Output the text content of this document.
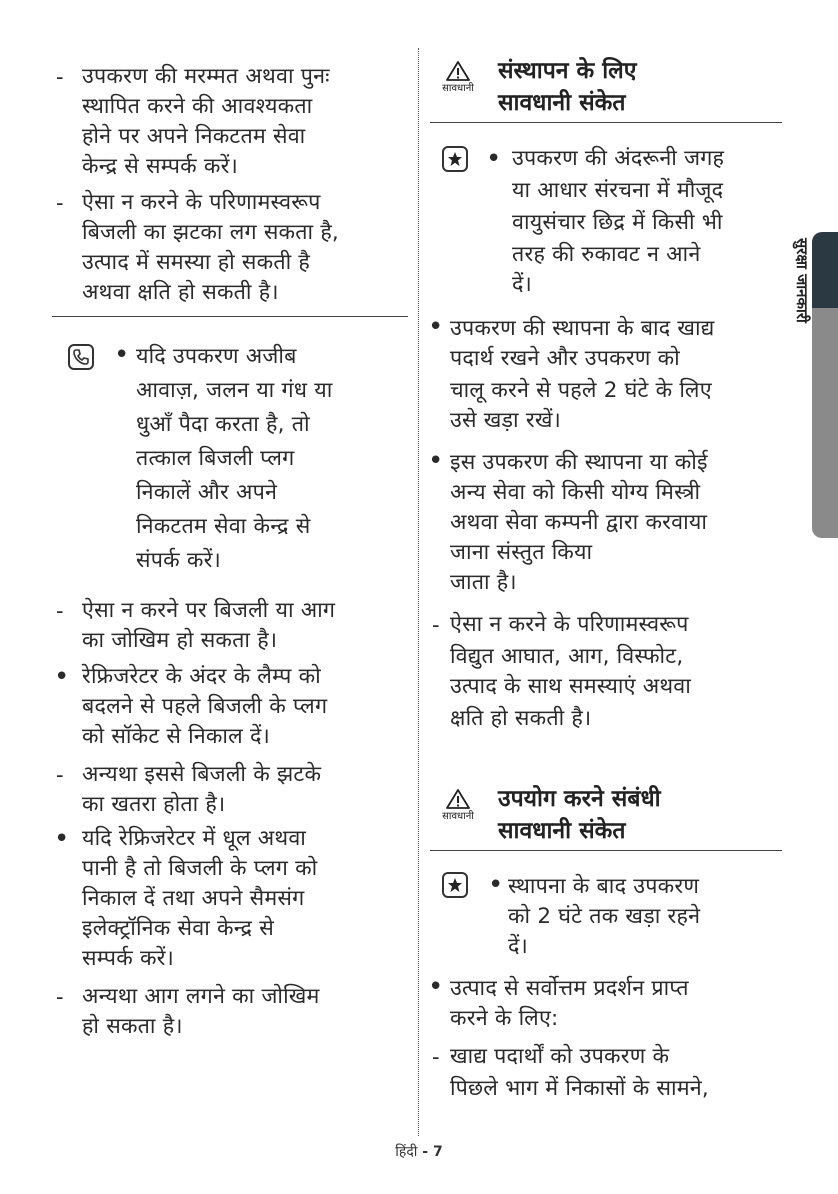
- उपकरण की मरम्मत अथवा पुनः
स्थापित करने की आवश्यकता
होने पर अपने निकटतम सेवा
केन्द्र से सम्पर्क करें।
- ऐसा न करने के परिणामस्वरूप
बिजली का झटका लग सकता है,
उत्पाद में समस्या हो सकती है
अथवा क्षति हो सकती है।
• यदि उपकरण अजीब
आवाज़, जलन या गंध या
धुआँ पैदा करता है, तो
तत्काल बिजली प्लग
निकालें और अपने
निकटतम सेवा केन्द्र से
संपर्क करें।
- ऐसा न करने पर बिजली या आग
का जोखिम हो सकता है।
• रेफ्रिजरेटर के अंदर के लैम्प को
बदलने से पहले बिजली के प्लग
को सॉकेट से निकाल दें।
- अन्यथा इससे बिजली के झटके
का खतरा होता है।
• यदि रेफ्रिजरेटर में धूल अथवा
पानी है तो बिजली के प्लग को
निकाल दें तथा अपने सैमसंग
इलेक्ट्रॉनिक सेवा केन्द्र से
सम्पर्क करें।
- अन्यथा आग लगने का जोखिम
हो सकता है।
सावधानी
संस्थापन के लिए
सावधानी संकेत
• उपकरण की अंदरूनी जगह
या आधार संरचना में मौजूद
वायुसंचार छिद्र में किसी भी
तरह की रुकावट न आने
दें।
• उपकरण की स्थापना के बाद खाद्य
पदार्थ रखने और उपकरण को
चालू करने से पहले 2 घंटे के लिए
उसे खड़ा रखें।
• इस उपकरण की स्थापना या कोई
अन्य सेवा को किसी योग्य मिस्त्री
अथवा सेवा कम्पनी द्वारा करवाया
जाना संस्तुत किया
जाता है।
- ऐसा न करने के परिणामस्वरूप
विद्युत आघात, आग, विस्फोट,
उत्पाद के साथ समस्याएं अथवा
क्षति हो सकती है।
सावधानी
उपयोग करने संबंधी
सावधानी संकेत
• स्थापना के बाद उपकरण
को 2 घंटे तक खड़ा रहने
दें।
• उत्पाद से सर्वोत्तम प्रदर्शन प्राप्त
करने के लिए:
- खाद्य पदार्थों को उपकरण के
पिछले भाग में निकासों के सामने,
सुरक्षा जानकारी
हिंदी - 7
